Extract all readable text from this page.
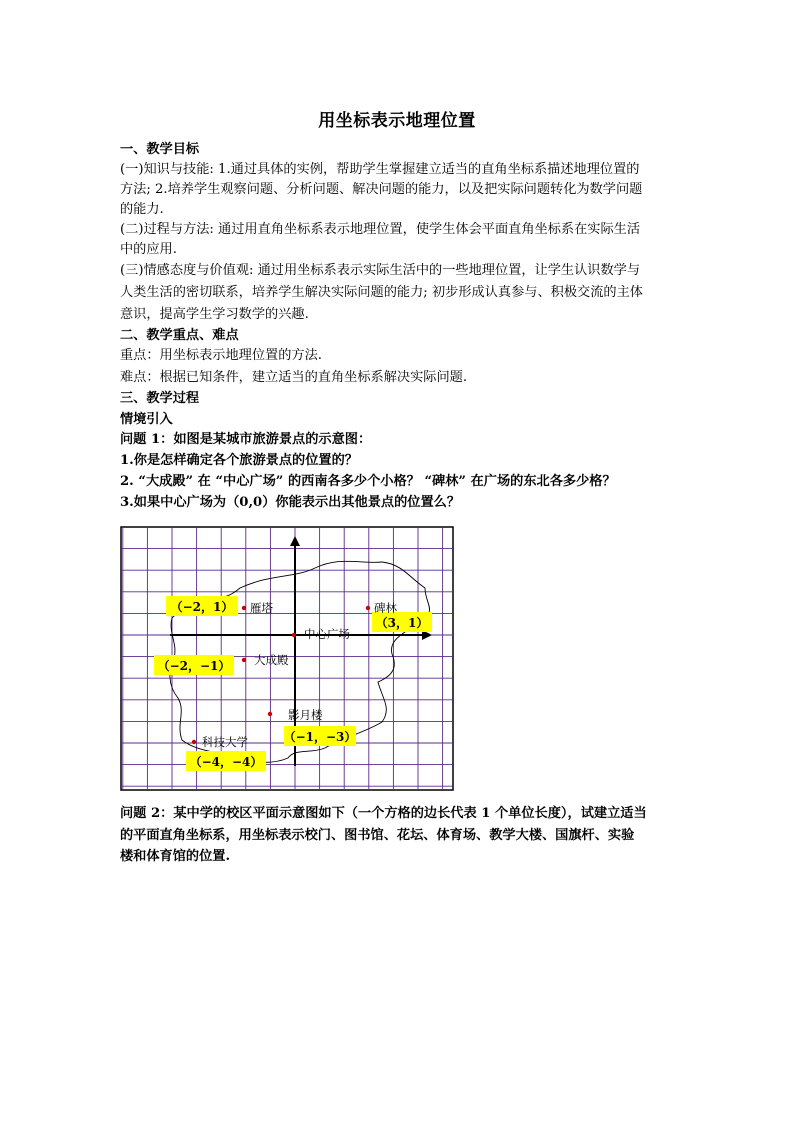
用坐标表示地理位置
一、教学目标
(一)知识与技能: 1.通过具体的实例，帮助学生掌握建立适当的直角坐标系描述地理位置的
方法; 2.培养学生观察问题、分析问题、解决问题的能力，以及把实际问题转化为数学问题
的能力.
(二)过程与方法: 通过用直角坐标系表示地理位置，使学生体会平面直角坐标系在实际生活
中的应用.
(三)情感态度与价值观: 通过用坐标系表示实际生活中的一些地理位置，让学生认识数学与
人类生活的密切联系，培养学生解决实际问题的能力; 初步形成认真参与、积极交流的主体
意识，提高学生学习数学的兴趣.
二、教学重点、难点
重点：用坐标表示地理位置的方法.
难点：根据已知条件，建立适当的直角坐标系解决实际问题.
三、教学过程
情境引入
问题 1：如图是某城市旅游景点的示意图：
1.你是怎样确定各个旅游景点的位置的？
2. “大成殿” 在 “中心广场” 的西南各多少个小格？ “碑林” 在广场的东北各多少格？
3.如果中心广场为（0,0）你能表示出其他景点的位置么？
（−2，1） 雁塔
（3，1）
碑林
中心广场
（−2，−1） 大成殿
（−1，−3）
影月楼
（−4，−4）
科技大学
问题 2：某中学的校区平面示意图如下（一个方格的边长代表 1 个单位长度），试建立适当
的平面直角坐标系，用坐标表示校门、图书馆、花坛、体育场、教学大楼、国旗杆、实验
楼和体育馆的位置.
